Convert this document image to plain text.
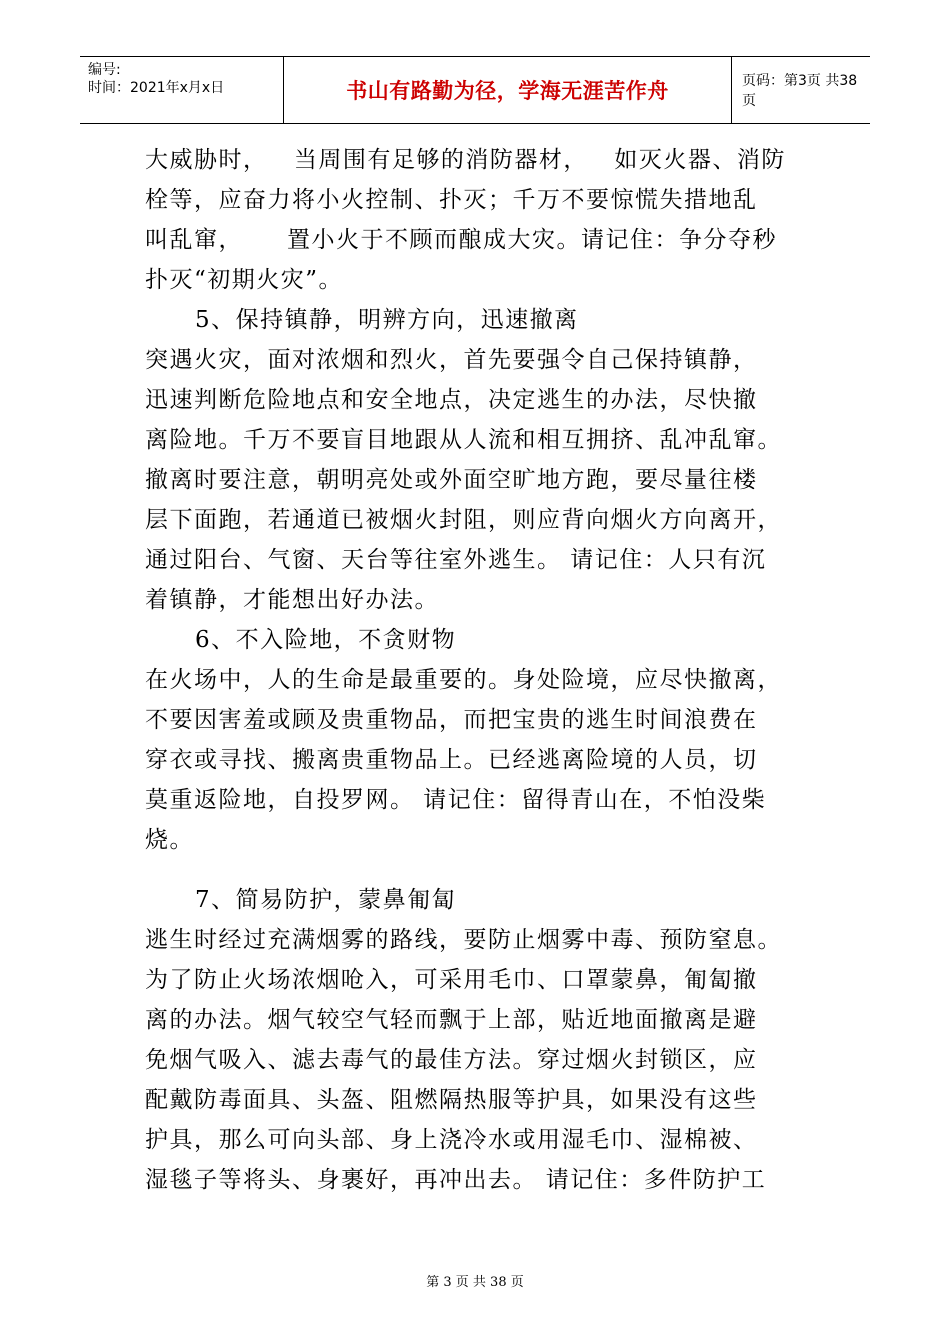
编号:
时间：2021年x月x日	书山有路勤为径，学海无涯苦作舟	页码：第3页 共38页
大威胁时，   当周围有足够的消防器材，   如灭火器、消防
栓等，应奋力将小火控制、扑灭；千万不要惊慌失措地乱
叫乱窜，     置小火于不顾而酿成大灾。请记住：争分夺秒
扑灭“初期火灾”。
5、保持镇静，明辨方向，迅速撤离
突遇火灾，面对浓烟和烈火，首先要强令自己保持镇静，
迅速判断危险地点和安全地点，决定逃生的办法，尽快撤
离险地。千万不要盲目地跟从人流和相互拥挤、乱冲乱窜。
撤离时要注意，朝明亮处或外面空旷地方跑，要尽量往楼
层下面跑，若通道已被烟火封阻，则应背向烟火方向离开，
通过阳台、气窗、天台等往室外逃生。 请记住：人只有沉
着镇静，才能想出好办法。
6、不入险地，不贪财物
在火场中，人的生命是最重要的。身处险境，应尽快撤离，
不要因害羞或顾及贵重物品，而把宝贵的逃生时间浪费在
穿衣或寻找、搬离贵重物品上。已经逃离险境的人员，切
莫重返险地，自投罗网。 请记住：留得青山在，不怕没柴
烧。
7、简易防护，蒙鼻匍匐
逃生时经过充满烟雾的路线，要防止烟雾中毒、预防窒息。
为了防止火场浓烟呛入，可采用毛巾、口罩蒙鼻，匍匐撤
离的办法。烟气较空气轻而飘于上部，贴近地面撤离是避
免烟气吸入、滤去毒气的最佳方法。穿过烟火封锁区，应
配戴防毒面具、头盔、阻燃隔热服等护具，如果没有这些
护具，那么可向头部、身上浇冷水或用湿毛巾、湿棉被、
湿毯子等将头、身裹好，再冲出去。 请记住：多件防护工
第 3 页 共 38 页
